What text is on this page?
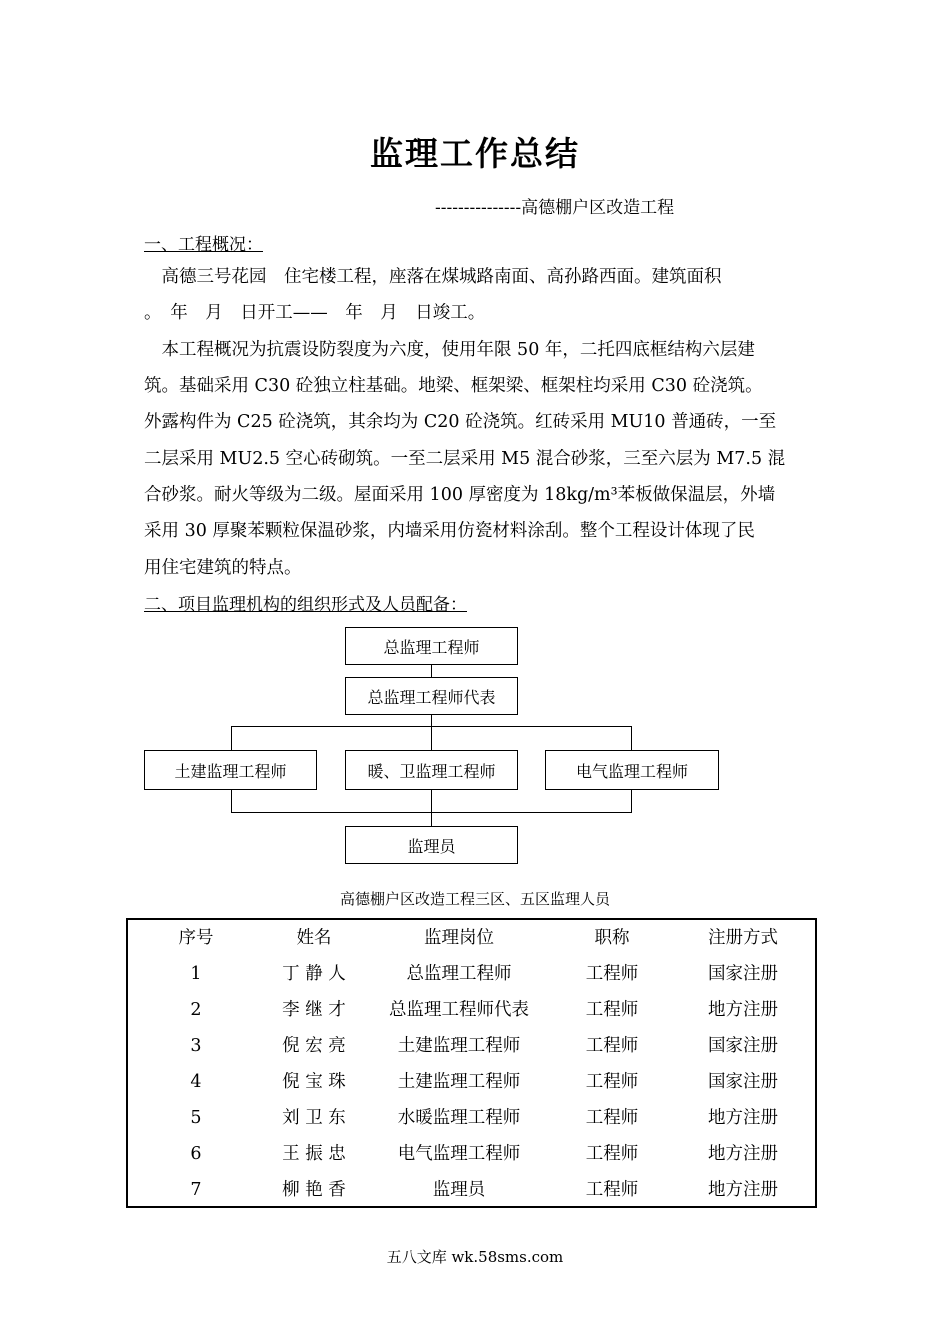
监理工作总结
---------------高德棚户区改造工程
一、工程概况：
　高德三号花园　住宅楼工程，座落在煤城路南面、高孙路西面。建筑面积
。　年　月　日开工——　年　月　日竣工。
　本工程概况为抗震设防裂度为六度，使用年限 50 年，二托四底框结构六层建
筑。基础采用 C30 砼独立柱基础。地梁、框架梁、框架柱均采用 C30 砼浇筑。
外露构件为 C25 砼浇筑，其余均为 C20 砼浇筑。红砖采用 MU10 普通砖，一至
二层采用 MU2.5 空心砖砌筑。一至二层采用 M5 混合砂浆，三至六层为 M7.5 混
合砂浆。耐火等级为二级。屋面采用 100 厚密度为 18kg/m³苯板做保温层，外墙
采用 30 厚聚苯颗粒保温砂浆，内墙采用仿瓷材料涂刮。整个工程设计体现了民
用住宅建筑的特点。
二、项目监理机构的组织形式及人员配备：
总监理工程师
总监理工程师代表
土建监理工程师	暖、卫监理工程师	电气监理工程师
监理员
高德棚户区改造工程三区、五区监理人员
序号	姓名	监理岗位	职称	注册方式
1	丁 静 人	总监理工程师	工程师	国家注册
2	李 继 才	总监理工程师代表	工程师	地方注册
3	倪 宏 亮	土建监理工程师	工程师	国家注册
4	倪 宝 珠	土建监理工程师	工程师	国家注册
5	刘 卫 东	水暖监理工程师	工程师	地方注册
6	王 振 忠	电气监理工程师	工程师	地方注册
7	柳 艳 香	监理员	工程师	地方注册
五八文库 wk.58sms.com
